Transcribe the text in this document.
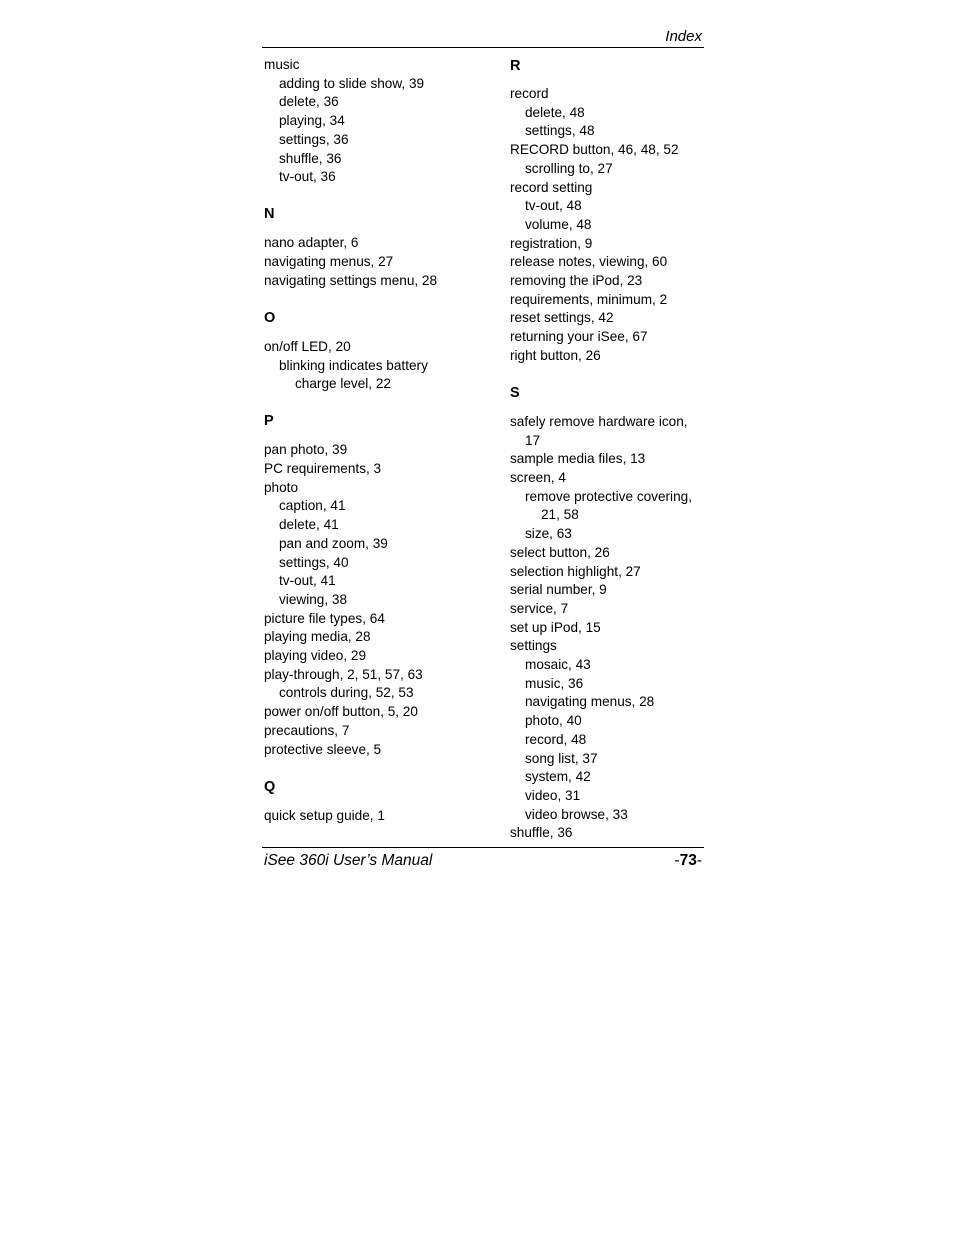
Index
music
adding to slide show, 39
delete, 36
playing, 34
settings, 36
shuffle, 36
tv-out, 36
N
nano adapter, 6
navigating menus, 27
navigating settings menu, 28
O
on/off LED, 20
blinking indicates battery
charge level, 22
P
pan photo, 39
PC requirements, 3
photo
caption, 41
delete, 41
pan and zoom, 39
settings, 40
tv-out, 41
viewing, 38
picture file types, 64
playing media, 28
playing video, 29
play-through, 2, 51, 57, 63
controls during, 52, 53
power on/off button, 5, 20
precautions, 7
protective sleeve, 5
Q
quick setup guide, 1
R
record
delete, 48
settings, 48
RECORD button, 46, 48, 52
scrolling to, 27
record setting
tv-out, 48
volume, 48
registration, 9
release notes, viewing, 60
removing the iPod, 23
requirements, minimum, 2
reset settings, 42
returning your iSee, 67
right button, 26
S
safely remove hardware icon,
17
sample media files, 13
screen, 4
remove protective covering,
21, 58
size, 63
select button, 26
selection highlight, 27
serial number, 9
service, 7
set up iPod, 15
settings
mosaic, 43
music, 36
navigating menus, 28
photo, 40
record, 48
song list, 37
system, 42
video, 31
video browse, 33
shuffle, 36
iSee 360i User’s Manual	-73-
